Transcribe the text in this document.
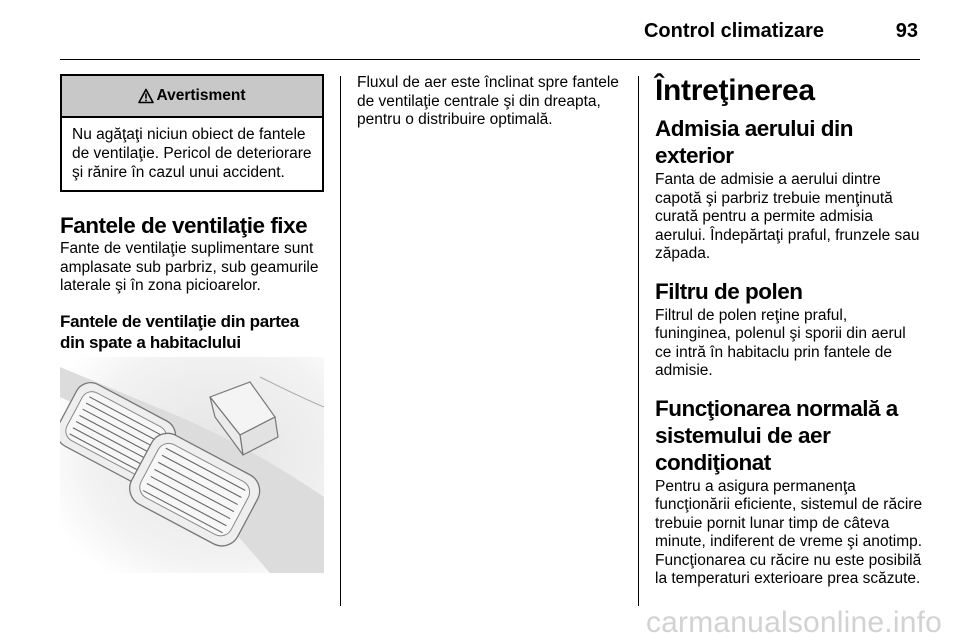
Control climatizare	93
Avertisment
Nu agăţaţi niciun obiect de fantele de ventilaţie. Pericol de deteriorare şi rănire în cazul unui accident.
Fantele de ventilaţie fixe

Fante de ventilaţie suplimentare sunt amplasate sub parbriz, sub geamurile laterale şi în zona picioarelor.

Fantele de ventilaţie din partea din spate a habitaclului

Fluxul de aer este înclinat spre fantele de ventilaţie centrale şi din dreapta, pentru o distribuire optimală.

Întreţinerea
Admisia aerului din exterior

Fanta de admisie a aerului dintre capotă şi parbriz trebuie menţinută curată pentru a permite admisia aerului. Îndepărtaţi praful, frunzele sau zăpada.

Filtru de polen

Filtrul de polen reţine praful, funinginea, polenul şi sporii din aerul ce intră în habitaclu prin fantele de admisie.

Funcţionarea normală a sistemului de aer condiţionat

Pentru a asigura permanenţa funcţionării eficiente, sistemul de răcire trebuie pornit lunar timp de câteva minute, indiferent de vreme şi anotimp. Funcţionarea cu răcire nu este posibilă la temperaturi exterioare prea scăzute.

carmanualsonline.info
